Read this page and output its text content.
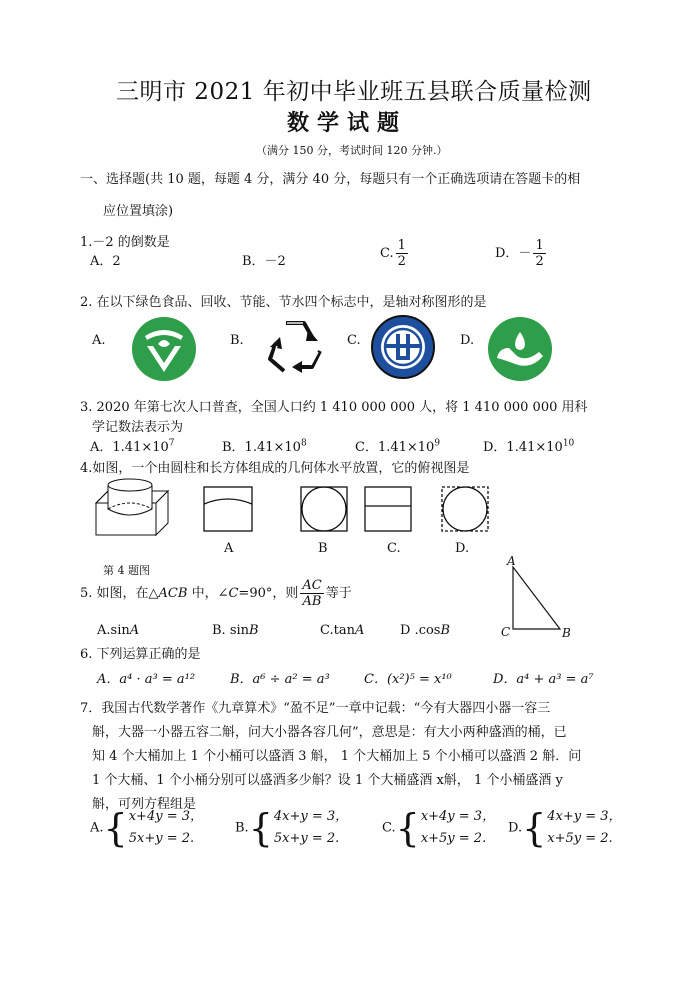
三明市 2021 年初中毕业班五县联合质量检测
数学试题
（满分 150 分，考试时间 120 分钟.）
一、选择题(共 10 题，每题 4 分，满分 40 分，每题只有一个正确选项请在答题卡的相
应位置填涂)
1.－2 的倒数是
A．2	B．－2
C. $\frac{1}{2}$	D．－ $\frac{1}{2}$
2. 在以下绿色食品、回收、节能、节水四个标志中，是轴对称图形的是
A.	B.	C.	D.
3. 2020 年第七次人口普查，全国人口约 1 410 000 000 人，将 1 410 000 000 用科
学记数法表示为
A．$1.41\times 10^7$	B．$1.41\times 10^8$	C．$1.41\times 10^9$	D．$1.41\times 10^{10}$
4.如图，一个由圆柱和长方体组成的几何体水平放置，它的俯视图是
A	B	C.	D.
第 4 题图
A
C	B
5. 如图，在△ACB 中，∠C=90°，则 $\frac{AC}{AB}$ 等于
A.sinA	B. sinB	C.tanA	D .cosB
6. 下列运算正确的是
A．a⁴ · a³ = a¹²	B．a⁶ ÷ a² = a³	C．(x²)⁵ = x¹⁰	D．a⁴ + a³ = a⁷
7．我国古代数学著作《九章算术》“盈不足”一章中记载：“今有大器四小器一容三
斛，大器一小器五容二斛，问大小器各容几何”，意思是：有大小两种盛酒的桶，已
知 4 个大桶加上 1 个小桶可以盛酒 3 斛， 1 个大桶加上 5 个小桶可以盛酒 2 斛．问
1 个大桶、1 个小桶分别可以盛酒多少斛？设 1 个大桶盛酒 x斛， 1 个小桶盛酒 y
斛，可列方程组是
A.{ x+4y = 3，
5x+y = 2.
B.{ 4x+y = 3，
5x+y = 2.
C.{ x+4y = 3，
x+5y = 2.
D.{ 4x+y = 3，
x+5y = 2.
